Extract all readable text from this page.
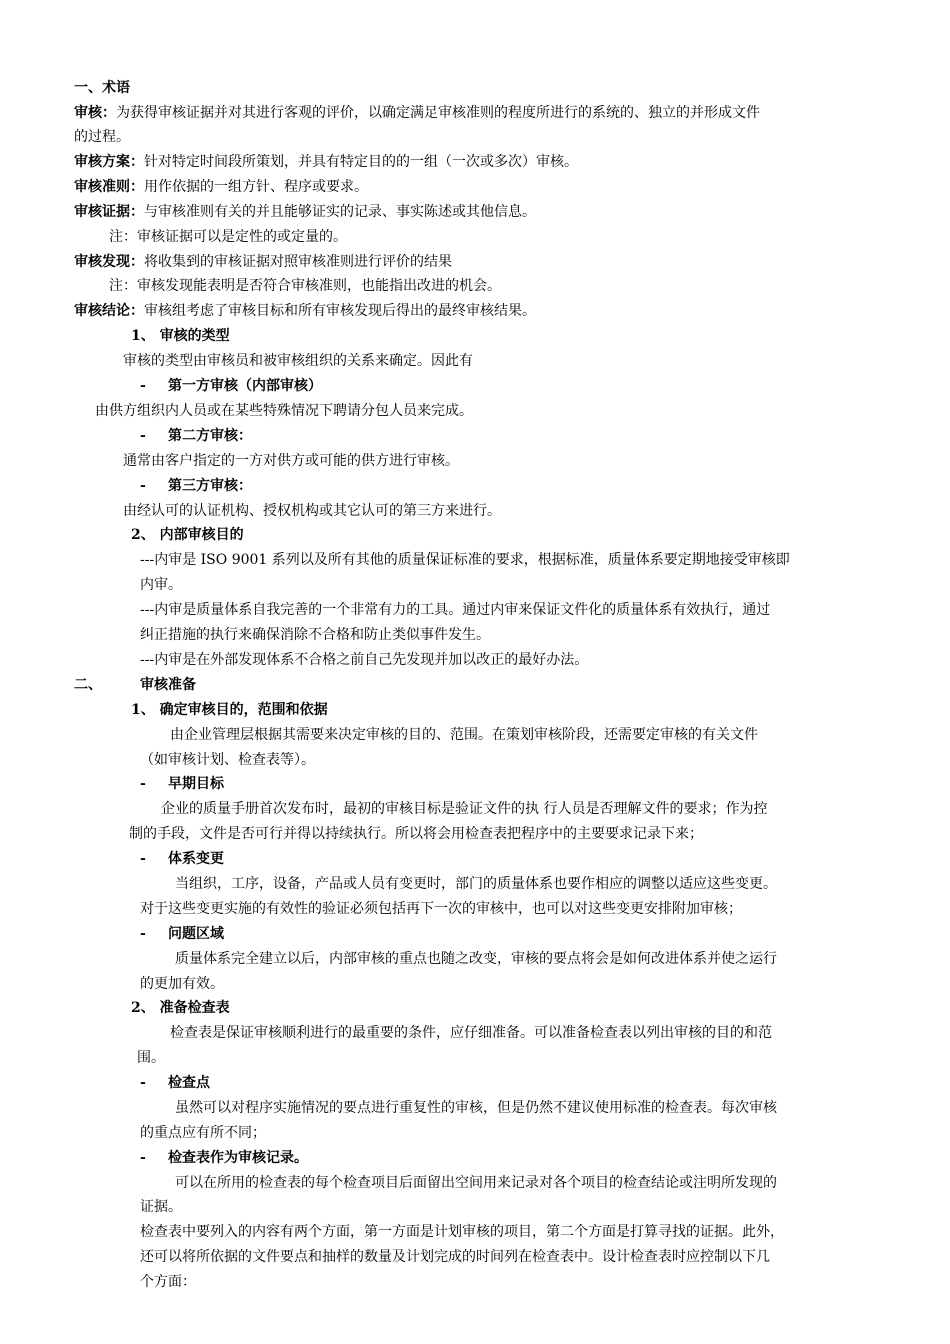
一、术语
审核：为获得审核证据并对其进行客观的评价，以确定满足审核准则的程度所进行的系统的、独立的并形成文件
的过程。
审核方案：针对特定时间段所策划，并具有特定目的的一组（一次或多次）审核。
审核准则：用作依据的一组方针、程序或要求。
审核证据：与审核准则有关的并且能够证实的记录、事实陈述或其他信息。
注：审核证据可以是定性的或定量的。
审核发现：将收集到的审核证据对照审核准则进行评价的结果
注：审核发现能表明是否符合审核准则，也能指出改进的机会。
审核结论：审核组考虑了审核目标和所有审核发现后得出的最终审核结果。
1、 审核的类型
审核的类型由审核员和被审核组织的关系来确定。因此有
- 第一方审核（内部审核）
由供方组织内人员或在某些特殊情况下聘请分包人员来完成。
- 第二方审核：
通常由客户指定的一方对供方或可能的供方进行审核。
- 第三方审核：
由经认可的认证机构、授权机构或其它认可的第三方来进行。
2、 内部审核目的
---内审是 ISO 9001 系列以及所有其他的质量保证标准的要求，根据标准，质量体系要定期地接受审核即
内审。
---内审是质量体系自我完善的一个非常有力的工具。通过内审来保证文件化的质量体系有效执行，通过
纠正措施的执行来确保消除不合格和防止类似事件发生。
---内审是在外部发现体系不合格之前自己先发现并加以改正的最好办法。
二、	审核准备
1、 确定审核目的，范围和依据
由企业管理层根据其需要来决定审核的目的、范围。在策划审核阶段，还需要定审核的有关文件
（如审核计划、检查表等）。
- 早期目标
企业的质量手册首次发布时，最初的审核目标是验证文件的执 行人员是否理解文件的要求；作为控
制的手段，文件是否可行并得以持续执行。所以将会用检查表把程序中的主要要求记录下来；
- 体系变更
当组织，工序，设备，产品或人员有变更时，部门的质量体系也要作相应的调整以适应这些变更。
对于这些变更实施的有效性的验证必须包括再下一次的审核中，也可以对这些变更安排附加审核；
- 问题区域
质量体系完全建立以后，内部审核的重点也随之改变，审核的要点将会是如何改进体系并使之运行
的更加有效。
2、 准备检查表
检查表是保证审核顺利进行的最重要的条件，应仔细准备。可以准备检查表以列出审核的目的和范
围。
- 检查点
虽然可以对程序实施情况的要点进行重复性的审核，但是仍然不建议使用标准的检查表。每次审核
的重点应有所不同；
- 检查表作为审核记录。
可以在所用的检查表的每个检查项目后面留出空间用来记录对各个项目的检查结论或注明所发现的
证据。
检查表中要列入的内容有两个方面，第一方面是计划审核的项目，第二个方面是打算寻找的证据。此外，
还可以将所依据的文件要点和抽样的数量及计划完成的时间列在检查表中。设计检查表时应控制以下几
个方面：
